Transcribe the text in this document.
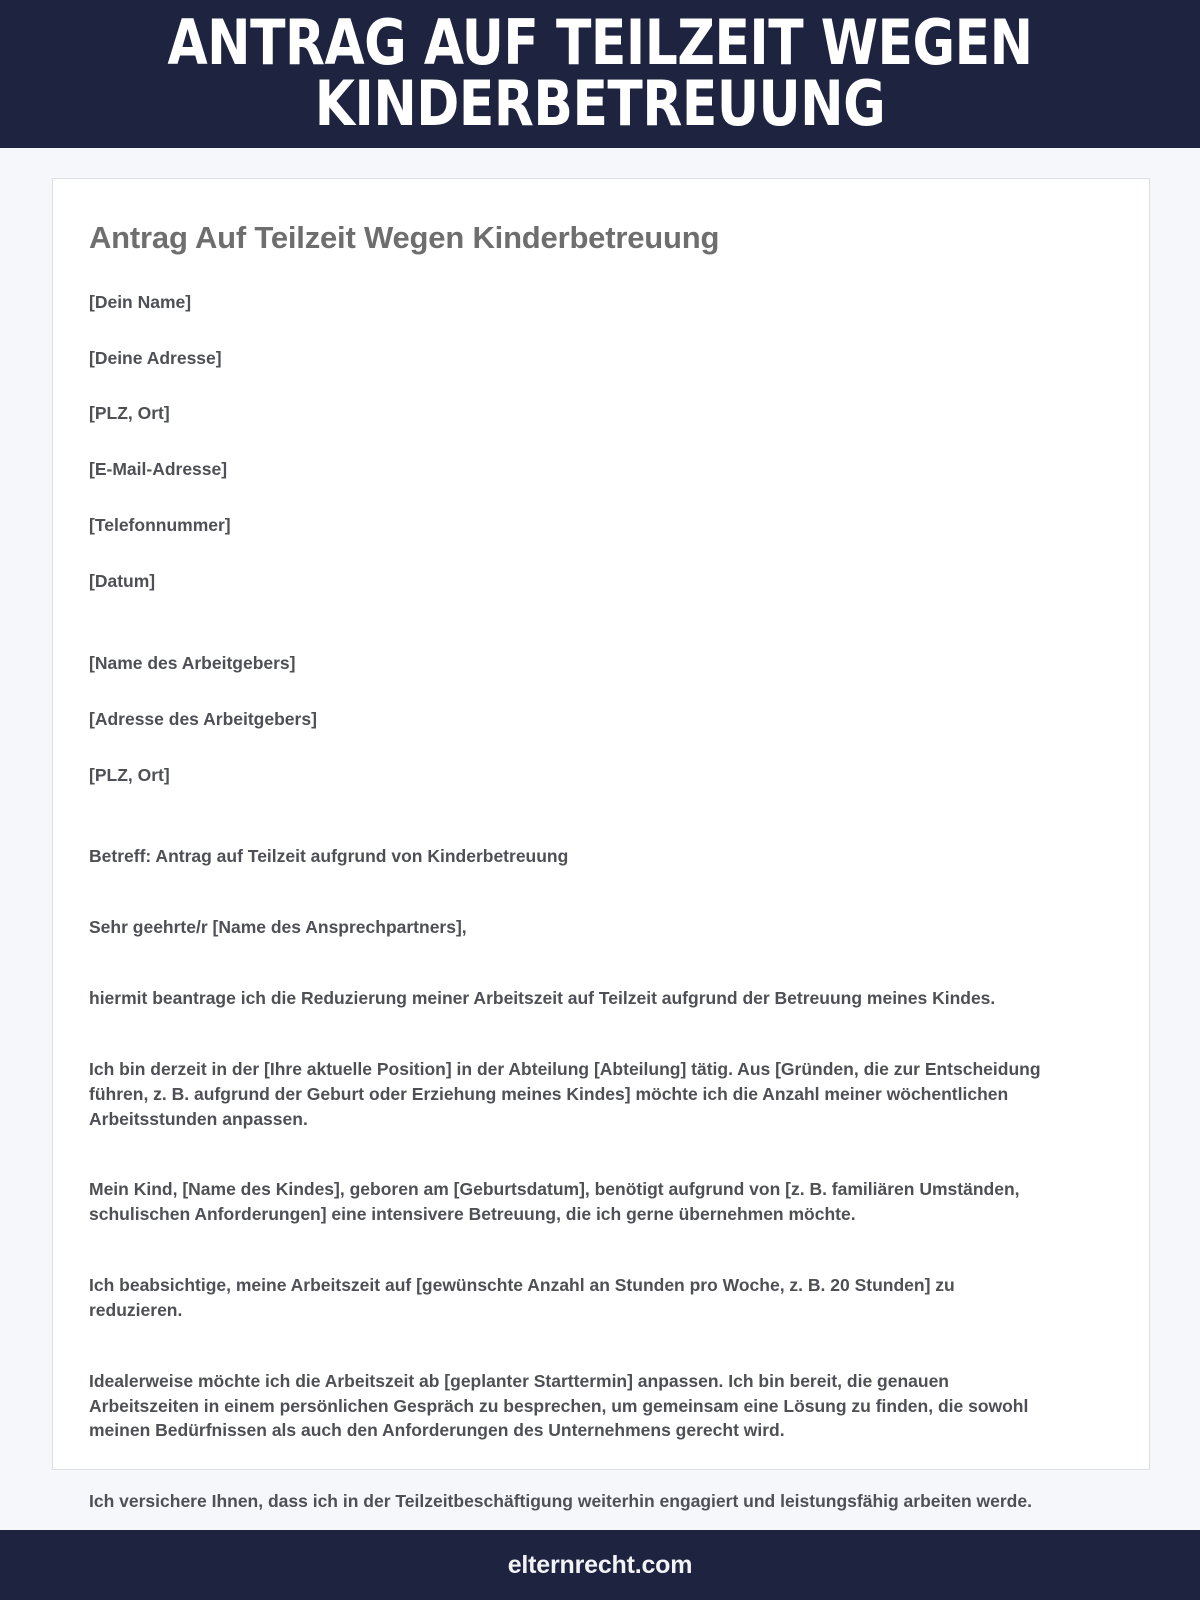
ANTRAG AUF TEILZEIT WEGEN KINDERBETREUUNG
Antrag Auf Teilzeit Wegen Kinderbetreuung

[Dein Name]

[Deine Adresse]

[PLZ, Ort]

[E-Mail-Adresse]

[Telefonnummer]

[Datum]

[Name des Arbeitgebers]

[Adresse des Arbeitgebers]

[PLZ, Ort]

Betreff: Antrag auf Teilzeit aufgrund von Kinderbetreuung

Sehr geehrte/r [Name des Ansprechpartners],

hiermit beantrage ich die Reduzierung meiner Arbeitszeit auf Teilzeit aufgrund der Betreuung meines Kindes.

Ich bin derzeit in der [Ihre aktuelle Position] in der Abteilung [Abteilung] tätig. Aus [Gründen, die zur Entscheidung führen, z. B. aufgrund der Geburt oder Erziehung meines Kindes] möchte ich die Anzahl meiner wöchentlichen Arbeitsstunden anpassen.

Mein Kind, [Name des Kindes], geboren am [Geburtsdatum], benötigt aufgrund von [z. B. familiären Umständen, schulischen Anforderungen] eine intensivere Betreuung, die ich gerne übernehmen möchte.

Ich beabsichtige, meine Arbeitszeit auf [gewünschte Anzahl an Stunden pro Woche, z. B. 20 Stunden] zu reduzieren.

Idealerweise möchte ich die Arbeitszeit ab [geplanter Starttermin] anpassen. Ich bin bereit, die genauen Arbeitszeiten in einem persönlichen Gespräch zu besprechen, um gemeinsam eine Lösung zu finden, die sowohl meinen Bedürfnissen als auch den Anforderungen des Unternehmens gerecht wird.

Ich versichere Ihnen, dass ich in der Teilzeitbeschäftigung weiterhin engagiert und leistungsfähig arbeiten werde.

elternrecht.com
